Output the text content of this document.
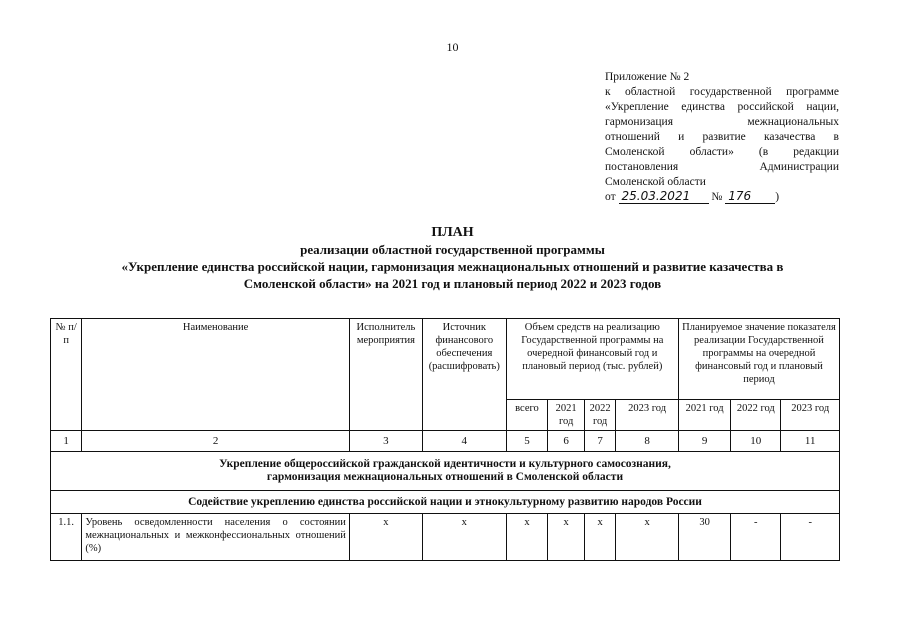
10
Приложение № 2
к областной государственной программе
«Укрепление единства российской нации,
гармонизация межнациональных
отношений и развитие казачества в
Смоленской области» (в редакции
постановления Администрации
Смоленской области
от 25.03.2021 № 176 )
ПЛАН
реализации областной государственной программы
«Укрепление единства российской нации, гармонизация межнациональных отношений и развитие казачества в
Смоленской области» на 2021 год и плановый период 2022 и 2023 годов
№ п/п	Наименование	Исполнитель мероприятия	Источник финансового обеспечения (расшифровать)	Объем средств на реализацию Государственной программы на очередной финансовый год и плановый период (тыс. рублей)				Планируемое значение показателя реализации Государственной программы на очередной финансовый год и плановый период		
				всего	2021 год	2022 год	2023 год	2021 год	2022 год	2023 год
1	2	3	4	5	6	7	8	9	10	11

Укрепление общероссийской гражданской идентичности и культурного самосознания,
гармонизация межнациональных отношений в Смоленской области										

Содействие укреплению единства российской нации и этнокультурному развитию народов России										
1.1.	Уровень осведомленности населения о состоянии межнациональных и межконфессиональных отношений (%)	х	х	х	х	х	х	30	-	-
